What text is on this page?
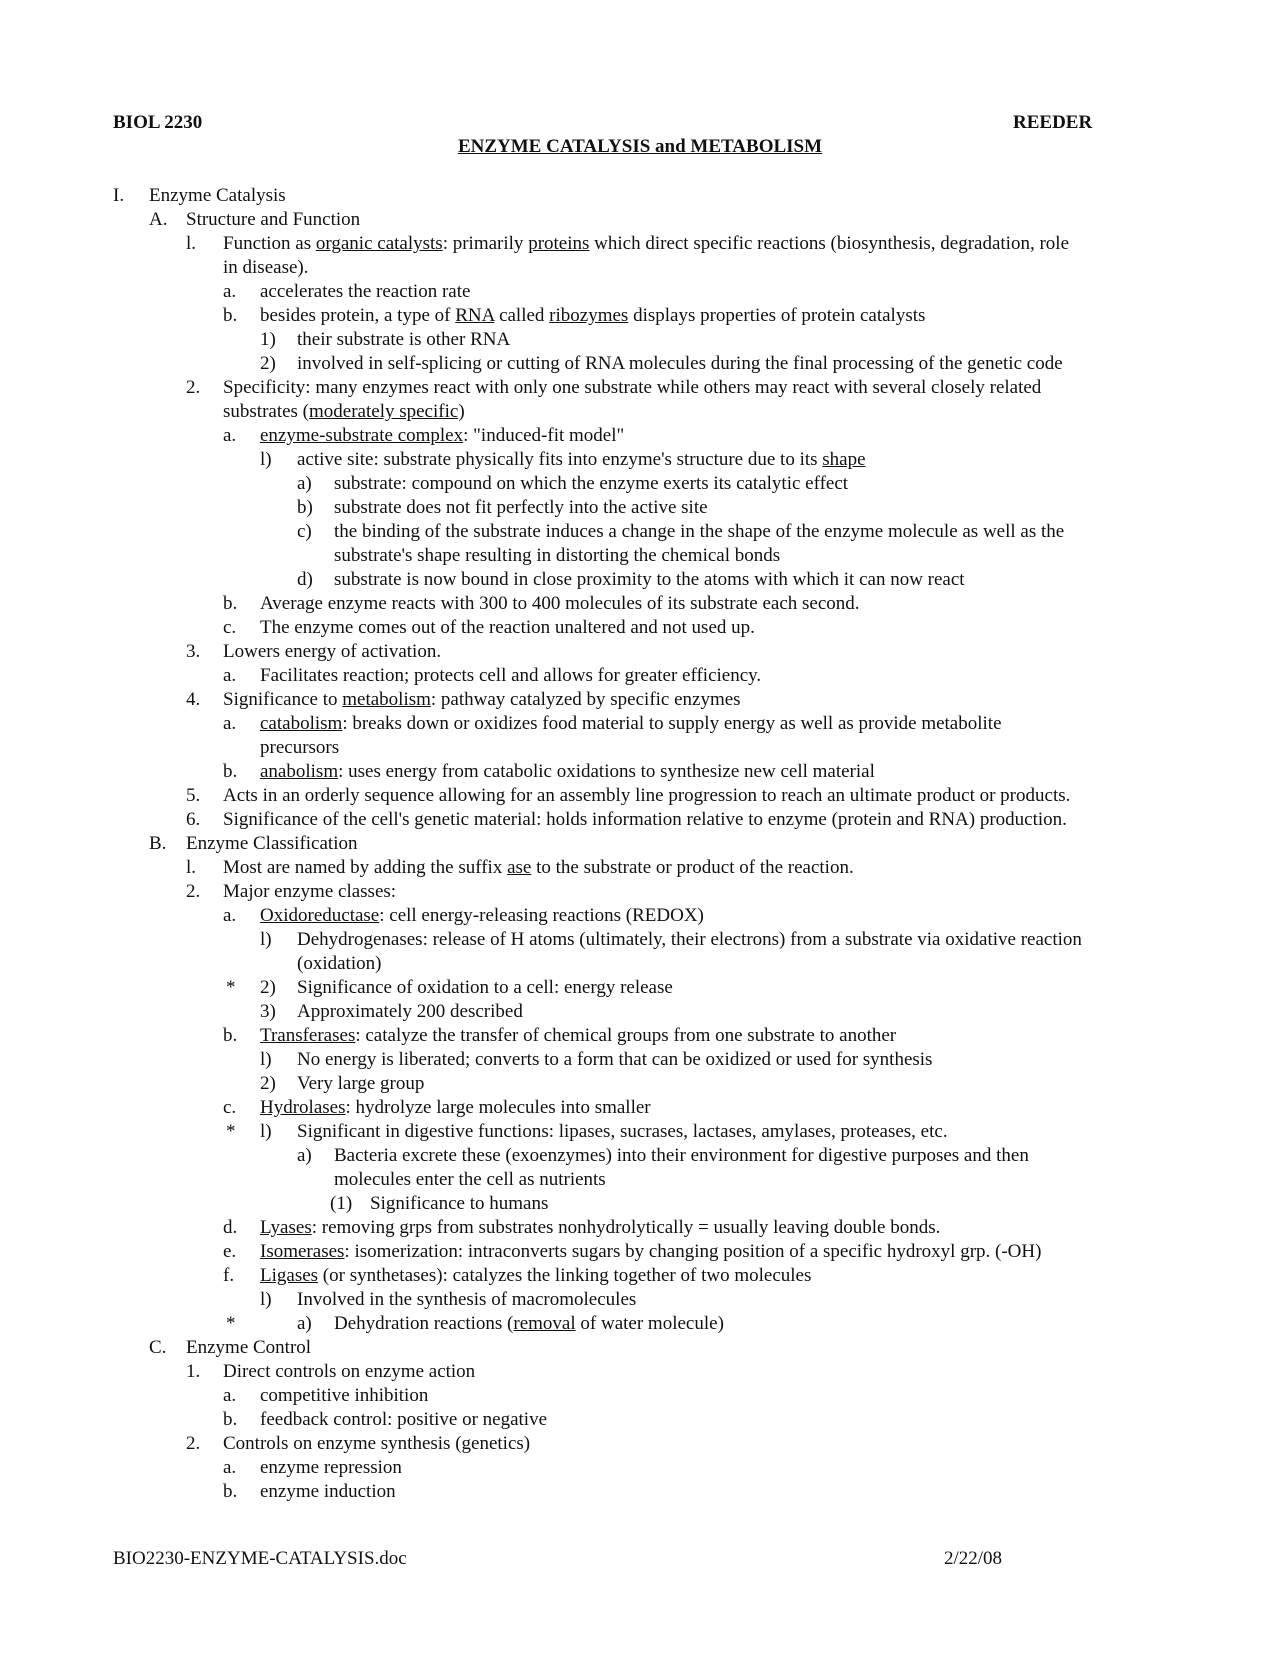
BIOL 2230	REEDER
ENZYME CATALYSIS and METABOLISM
I. Enzyme Catalysis
A. Structure and Function
l. Function as organic catalysts: primarily proteins which direct specific reactions (biosynthesis, degradation, role
in disease).
a. accelerates the reaction rate
b. besides protein, a type of RNA called ribozymes displays properties of protein catalysts
1) their substrate is other RNA
2) involved in self-splicing or cutting of RNA molecules during the final processing of the genetic code
2. Specificity: many enzymes react with only one substrate while others may react with several closely related
substrates (moderately specific)
a. enzyme-substrate complex: "induced-fit model"
l) active site: substrate physically fits into enzyme's structure due to its shape
a) substrate: compound on which the enzyme exerts its catalytic effect
b) substrate does not fit perfectly into the active site
c) the binding of the substrate induces a change in the shape of the enzyme molecule as well as the
substrate's shape resulting in distorting the chemical bonds
d) substrate is now bound in close proximity to the atoms with which it can now react
b. Average enzyme reacts with 300 to 400 molecules of its substrate each second.
c. The enzyme comes out of the reaction unaltered and not used up.
3. Lowers energy of activation.
a. Facilitates reaction; protects cell and allows for greater efficiency.
4. Significance to metabolism: pathway catalyzed by specific enzymes
a. catabolism: breaks down or oxidizes food material to supply energy as well as provide metabolite
precursors
b. anabolism: uses energy from catabolic oxidations to synthesize new cell material
5. Acts in an orderly sequence allowing for an assembly line progression to reach an ultimate product or products.
6. Significance of the cell's genetic material: holds information relative to enzyme (protein and RNA) production.
B. Enzyme Classification
l. Most are named by adding the suffix ase to the substrate or product of the reaction.
2. Major enzyme classes:
a. Oxidoreductase: cell energy-releasing reactions (REDOX)
l) Dehydrogenases: release of H atoms (ultimately, their electrons) from a substrate via oxidative reaction
(oxidation)
* 2) Significance of oxidation to a cell: energy release
3) Approximately 200 described
b. Transferases: catalyze the transfer of chemical groups from one substrate to another
l) No energy is liberated; converts to a form that can be oxidized or used for synthesis
2) Very large group
c. Hydrolases: hydrolyze large molecules into smaller
* l) Significant in digestive functions: lipases, sucrases, lactases, amylases, proteases, etc.
a) Bacteria excrete these (exoenzymes) into their environment for digestive purposes and then
molecules enter the cell as nutrients
(1) Significance to humans
d. Lyases: removing grps from substrates nonhydrolytically = usually leaving double bonds.
e. Isomerases: isomerization: intraconverts sugars by changing position of a specific hydroxyl grp. (-OH)
f. Ligases (or synthetases): catalyzes the linking together of two molecules
l) Involved in the synthesis of macromolecules
*	a) Dehydration reactions (removal of water molecule)
C. Enzyme Control
1. Direct controls on enzyme action
a. competitive inhibition
b. feedback control: positive or negative
2. Controls on enzyme synthesis (genetics)
a. enzyme repression
b. enzyme induction
BIO2230-ENZYME-CATALYSIS.doc	2/22/08
